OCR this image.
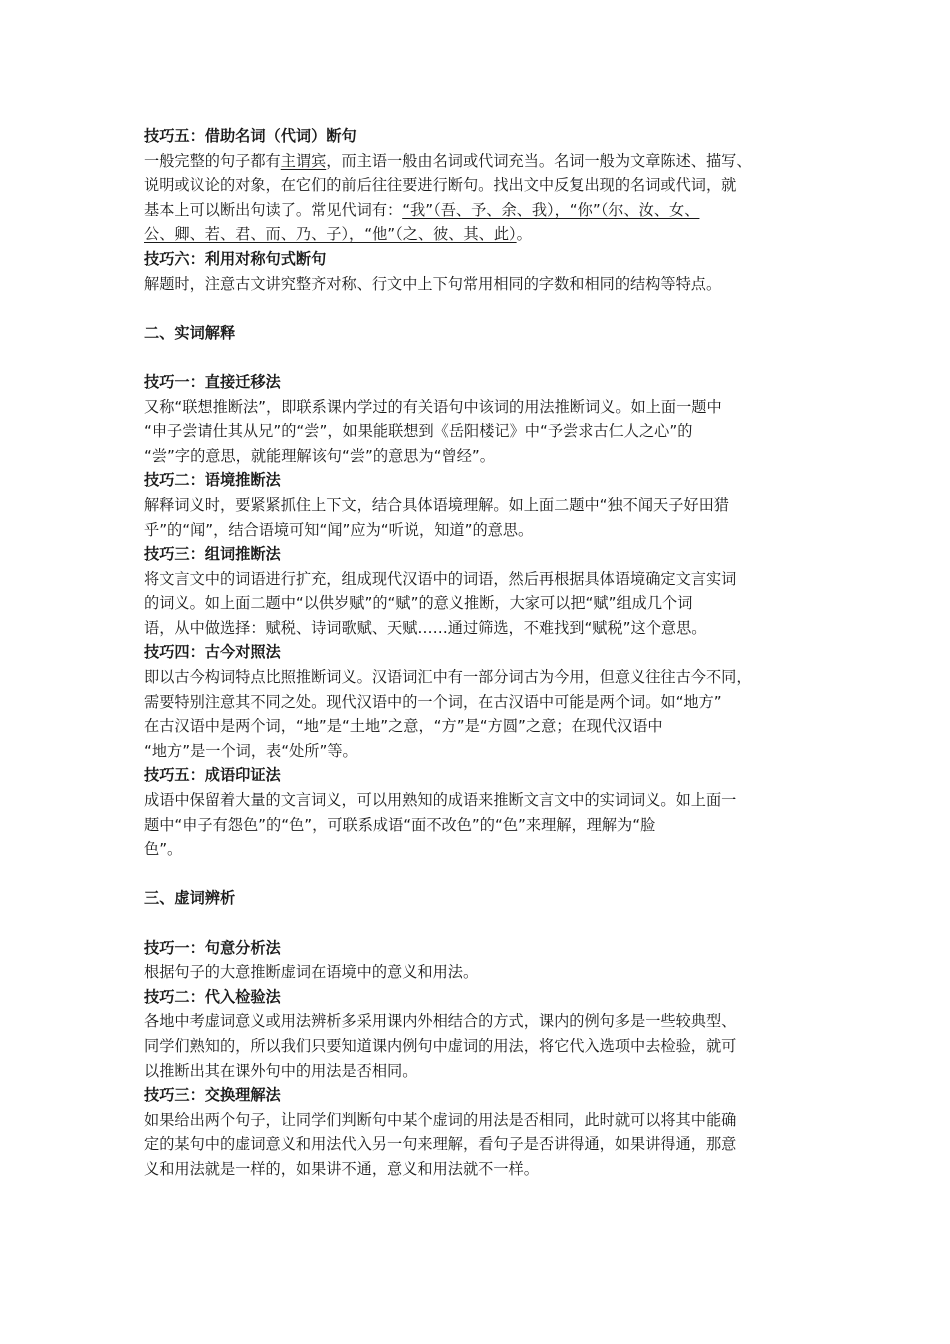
技巧五：借助名词（代词）断句
一般完整的句子都有主谓宾，而主语一般由名词或代词充当。名词一般为文章陈述、描写、
说明或议论的对象，在它们的前后往往要进行断句。找出文中反复出现的名词或代词，就
基本上可以断出句读了。常见代词有：“我”（吾、予、余、我），“你”（尔、汝、女、
公、卿、若、君、而、乃、子），“他”（之、彼、其、此）。
技巧六：利用对称句式断句
解题时，注意古文讲究整齐对称、行文中上下句常用相同的字数和相同的结构等特点。
二、实词解释
技巧一：直接迁移法
又称“联想推断法”，即联系课内学过的有关语句中该词的用法推断词义。如上面一题中
“申子尝请仕其从兄”的“尝”，如果能联想到《岳阳楼记》中“予尝求古仁人之心”的
“尝”字的意思，就能理解该句“尝”的意思为“曾经”。
技巧二：语境推断法
解释词义时，要紧紧抓住上下文，结合具体语境理解。如上面二题中“独不闻天子好田猎
乎”的“闻”，结合语境可知“闻”应为“听说，知道”的意思。
技巧三：组词推断法
将文言文中的词语进行扩充，组成现代汉语中的词语，然后再根据具体语境确定文言实词
的词义。如上面二题中“以供岁赋”的“赋”的意义推断，大家可以把“赋”组成几个词
语，从中做选择：赋税、诗词歌赋、天赋……通过筛选，不难找到“赋税”这个意思。
技巧四：古今对照法
即以古今构词特点比照推断词义。汉语词汇中有一部分词古为今用，但意义往往古今不同，
需要特别注意其不同之处。现代汉语中的一个词，在古汉语中可能是两个词。如“地方”
在古汉语中是两个词，“地”是“土地”之意，“方”是“方圆”之意；在现代汉语中
“地方”是一个词，表“处所”等。
技巧五：成语印证法
成语中保留着大量的文言词义，可以用熟知的成语来推断文言文中的实词词义。如上面一
题中“申子有怨色”的“色”，可联系成语“面不改色”的“色”来理解，理解为“脸
色”。
三、虚词辨析
技巧一：句意分析法
根据句子的大意推断虚词在语境中的意义和用法。
技巧二：代入检验法
各地中考虚词意义或用法辨析多采用课内外相结合的方式，课内的例句多是一些较典型、
同学们熟知的，所以我们只要知道课内例句中虚词的用法，将它代入选项中去检验，就可
以推断出其在课外句中的用法是否相同。
技巧三：交换理解法
如果给出两个句子，让同学们判断句中某个虚词的用法是否相同，此时就可以将其中能确
定的某句中的虚词意义和用法代入另一句来理解，看句子是否讲得通，如果讲得通，那意
义和用法就是一样的，如果讲不通，意义和用法就不一样。
